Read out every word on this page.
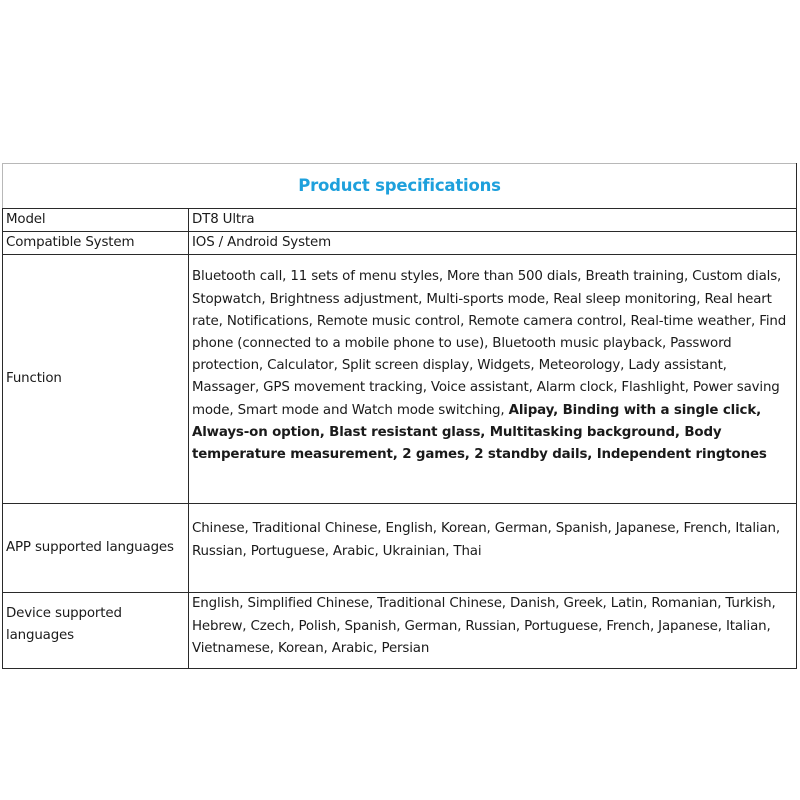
Product specifications	
Model	DT8 Ultra
Compatible System	IOS / Android System
Function	Bluetooth call, 11 sets of menu styles, More than 500 dials, Breath training, Custom dials, Stopwatch, Brightness adjustment, Multi-sports mode, Real sleep monitoring, Real heart rate, Notifications, Remote music control, Remote camera control, Real-time weather, Find phone (connected to a mobile phone to use), Bluetooth music playback, Password protection, Calculator, Split screen display, Widgets, Meteorology, Lady assistant, Massager, GPS movement tracking, Voice assistant, Alarm clock, Flashlight, Power saving mode, Smart mode and Watch mode switching, Alipay, Binding with a single click, Always-on option, Blast resistant glass, Multitasking background, Body temperature measurement, 2 games, 2 standby dails, Independent ringtones
APP supported languages	Chinese, Traditional Chinese, English, Korean, German, Spanish, Japanese, French, Italian, Russian, Portuguese, Arabic, Ukrainian, Thai
Device supported languages	English, Simplified Chinese, Traditional Chinese, Danish, Greek, Latin, Romanian, Turkish, Hebrew, Czech, Polish, Spanish, German, Russian, Portuguese, French, Japanese, Italian, Vietnamese, Korean, Arabic, Persian
